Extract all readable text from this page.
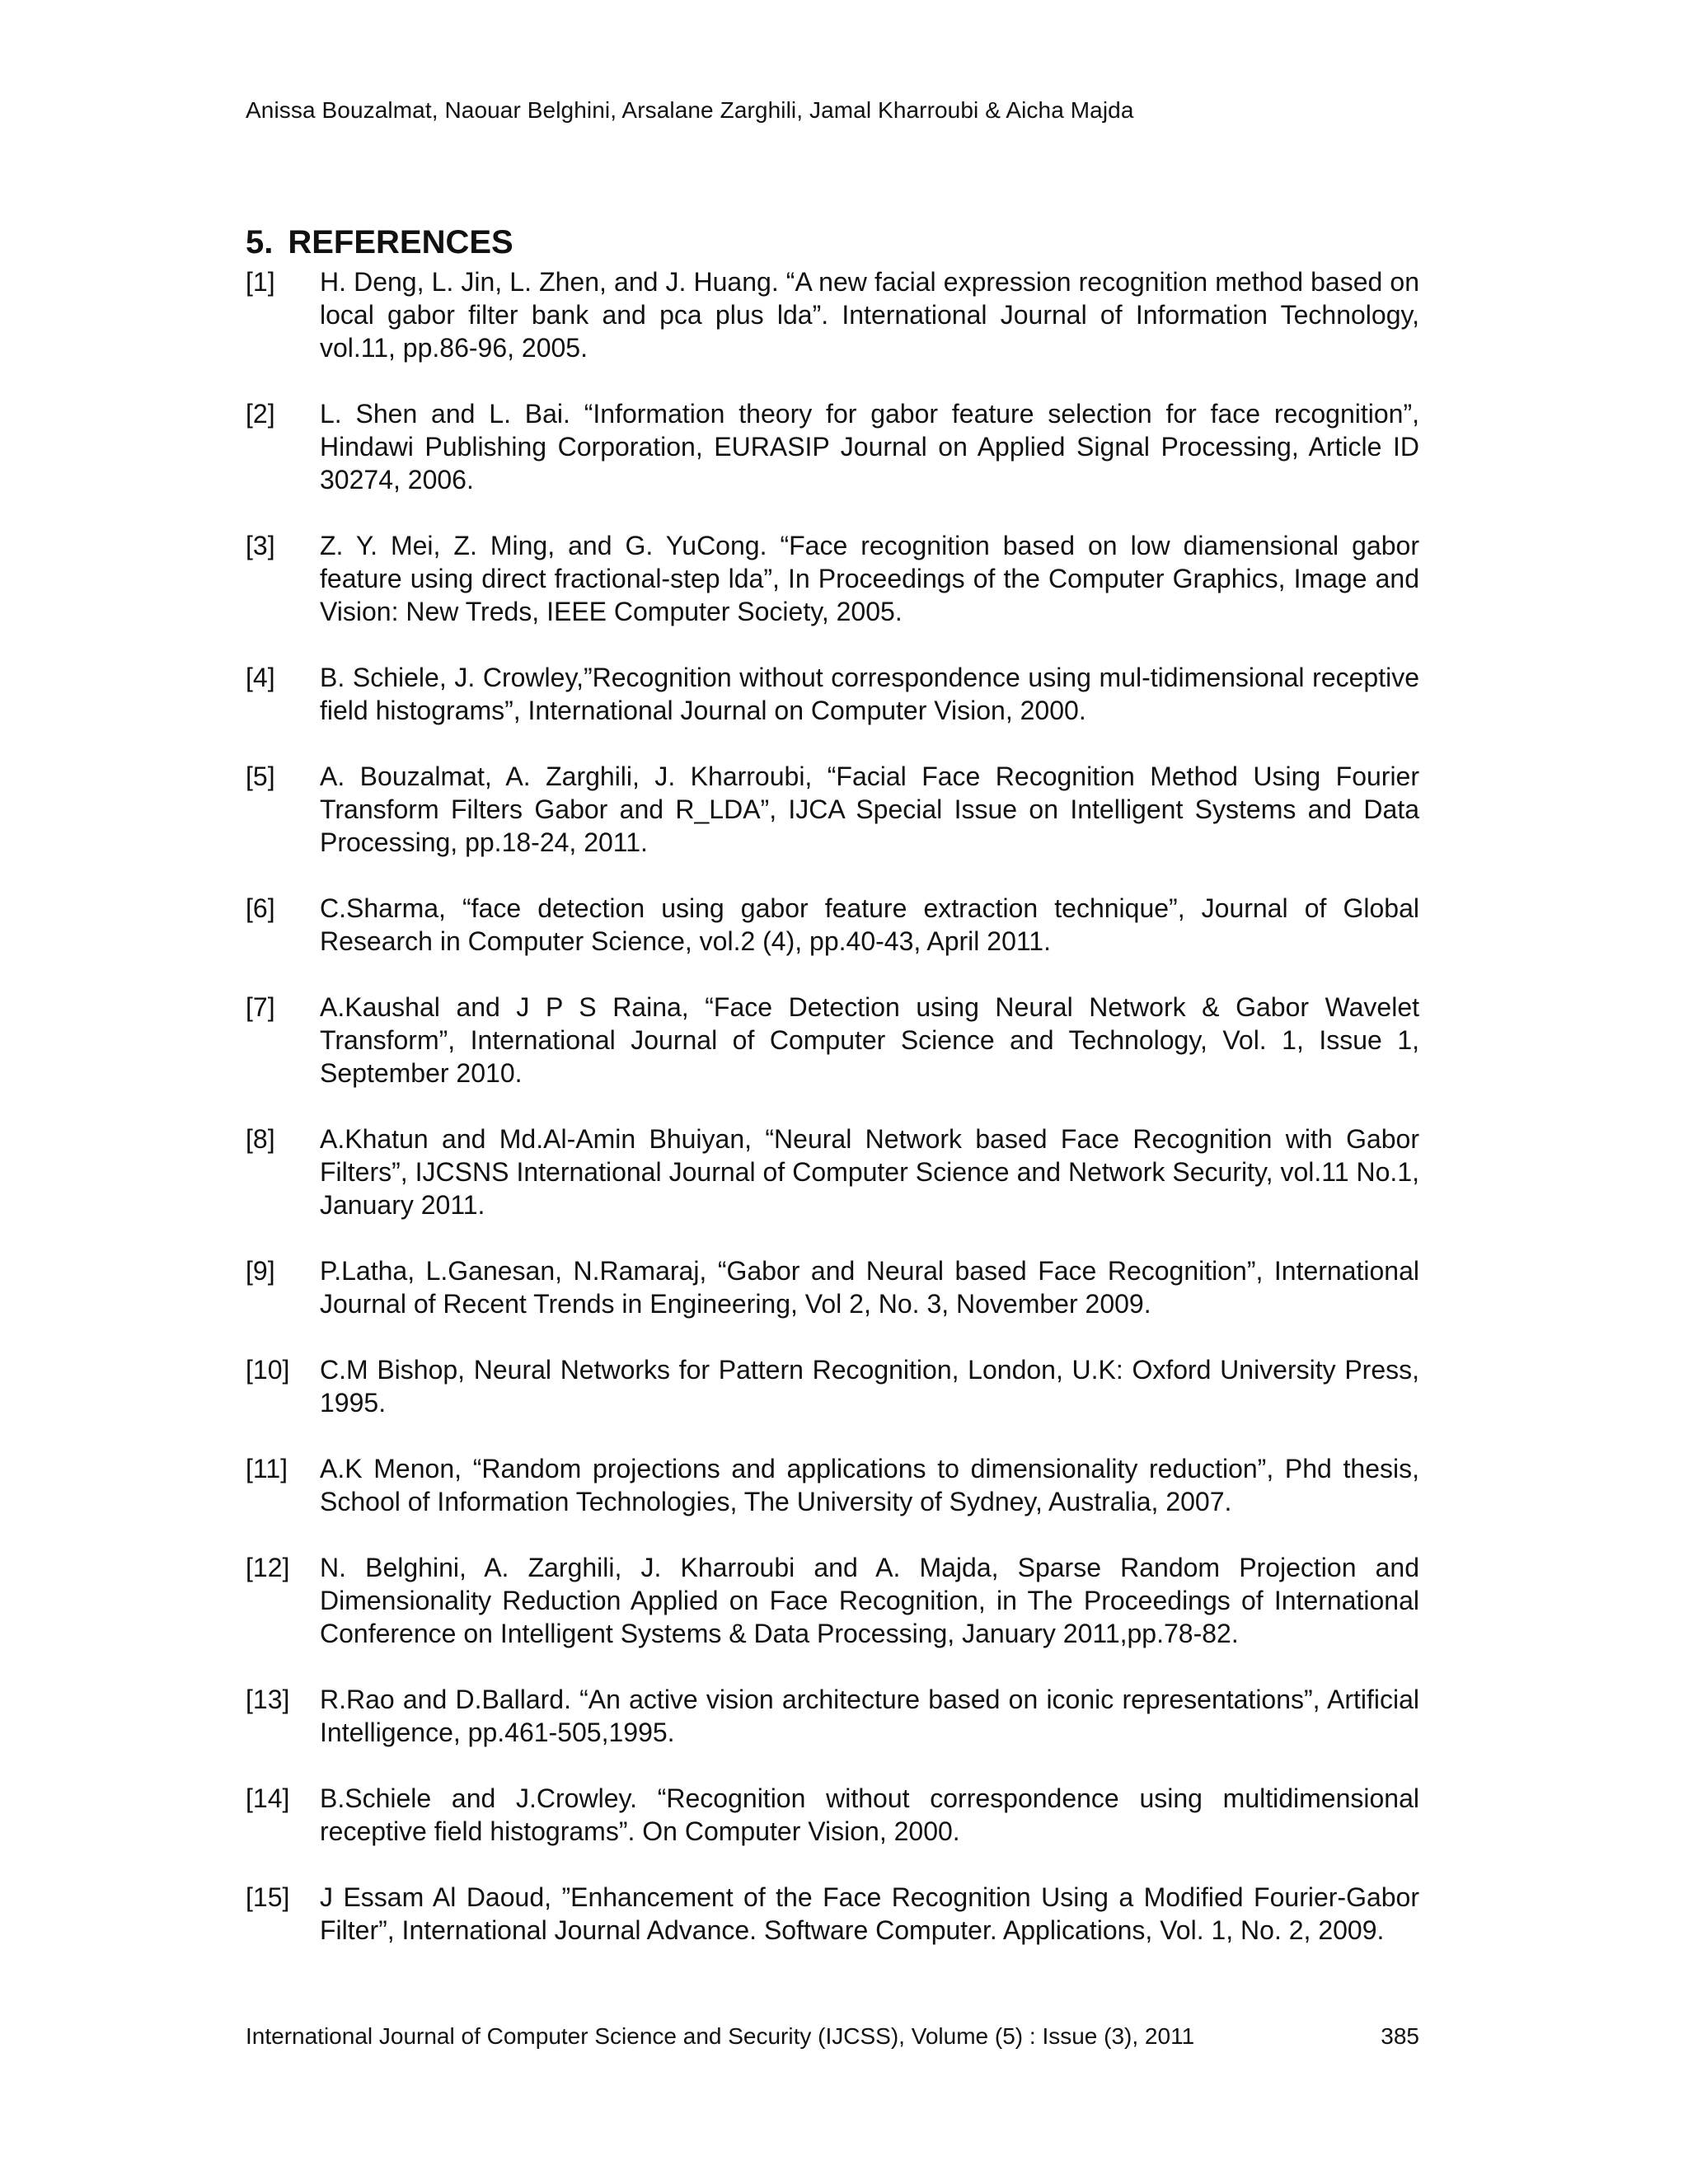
Anissa Bouzalmat, Naouar Belghini, Arsalane Zarghili, Jamal Kharroubi & Aicha Majda
5. REFERENCES
[1] H. Deng, L. Jin, L. Zhen, and J. Huang. “A new facial expression recognition method based on local gabor filter bank and pca plus lda”. International Journal of Information Technology, vol.11, pp.86-96, 2005.
[2] L. Shen and L. Bai. “Information theory for gabor feature selection for face recognition”, Hindawi Publishing Corporation, EURASIP Journal on Applied Signal Processing, Article ID 30274, 2006.
[3] Z. Y. Mei, Z. Ming, and G. YuCong. “Face recognition based on low diamensional gabor feature using direct fractional-step lda”, In Proceedings of the Computer Graphics, Image and Vision: New Treds, IEEE Computer Society, 2005.
[4] B. Schiele, J. Crowley,”Recognition without correspondence using mul-tidimensional receptive field histograms”, International Journal on Computer Vision, 2000.
[5] A. Bouzalmat, A. Zarghili, J. Kharroubi, “Facial Face Recognition Method Using Fourier Transform Filters Gabor and R_LDA”, IJCA Special Issue on Intelligent Systems and Data Processing, pp.18-24, 2011.
[6] C.Sharma, “face detection using gabor feature extraction technique”, Journal of Global Research in Computer Science, vol.2 (4), pp.40-43, April 2011.
[7] A.Kaushal and J P S Raina, “Face Detection using Neural Network & Gabor Wavelet Transform”, International Journal of Computer Science and Technology, Vol. 1, Issue 1, September 2010.
[8] A.Khatun and Md.Al-Amin Bhuiyan, “Neural Network based Face Recognition with Gabor Filters”, IJCSNS International Journal of Computer Science and Network Security, vol.11 No.1, January 2011.
[9] P.Latha, L.Ganesan, N.Ramaraj, “Gabor and Neural based Face Recognition”, International Journal of Recent Trends in Engineering, Vol 2, No. 3, November 2009.
[10] C.M Bishop, Neural Networks for Pattern Recognition, London, U.K: Oxford University Press, 1995.
[11] A.K Menon, “Random projections and applications to dimensionality reduction”, Phd thesis, School of Information Technologies, The University of Sydney, Australia, 2007.
[12] N. Belghini, A. Zarghili, J. Kharroubi and A. Majda, Sparse Random Projection and Dimensionality Reduction Applied on Face Recognition, in The Proceedings of International Conference on Intelligent Systems & Data Processing, January 2011,pp.78-82.
[13] R.Rao and D.Ballard. “An active vision architecture based on iconic representations”, Artificial Intelligence, pp.461-505,1995.
[14] B.Schiele and J.Crowley. “Recognition without correspondence using multidimensional receptive field histograms”. On Computer Vision, 2000.
[15] J Essam Al Daoud, ”Enhancement of the Face Recognition Using a Modified Fourier-Gabor Filter”, International Journal Advance. Software Computer. Applications, Vol. 1, No. 2, 2009.
International Journal of Computer Science and Security (IJCSS), Volume (5) : Issue (3), 2011	385
